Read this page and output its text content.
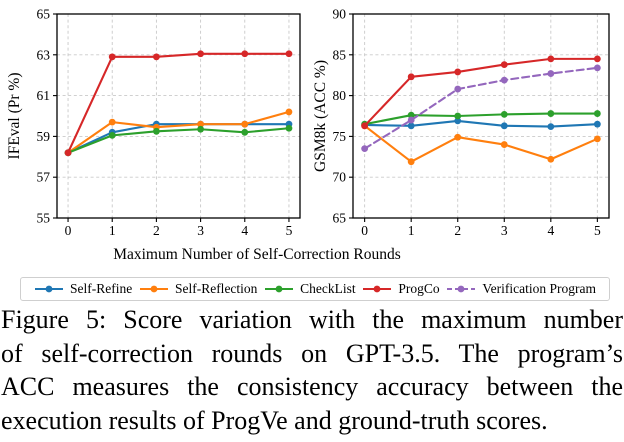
0	1	2	3	4	5
55
57
59
61
63
65
IFEval (Pr %)
0	1	2	3	4	5
65
70
75
80
85
90
GSM8k (ACC %)
Maximum Number of Self-Correction Rounds
Self-Refine	Self-Reflection	CheckList	ProgCo	Verification Program
Figure 5: Score variation with the maximum number
of self-correction rounds on GPT-3.5. The program’s
ACC measures the consistency accuracy between the
execution results of ProgVe and ground-truth scores.
